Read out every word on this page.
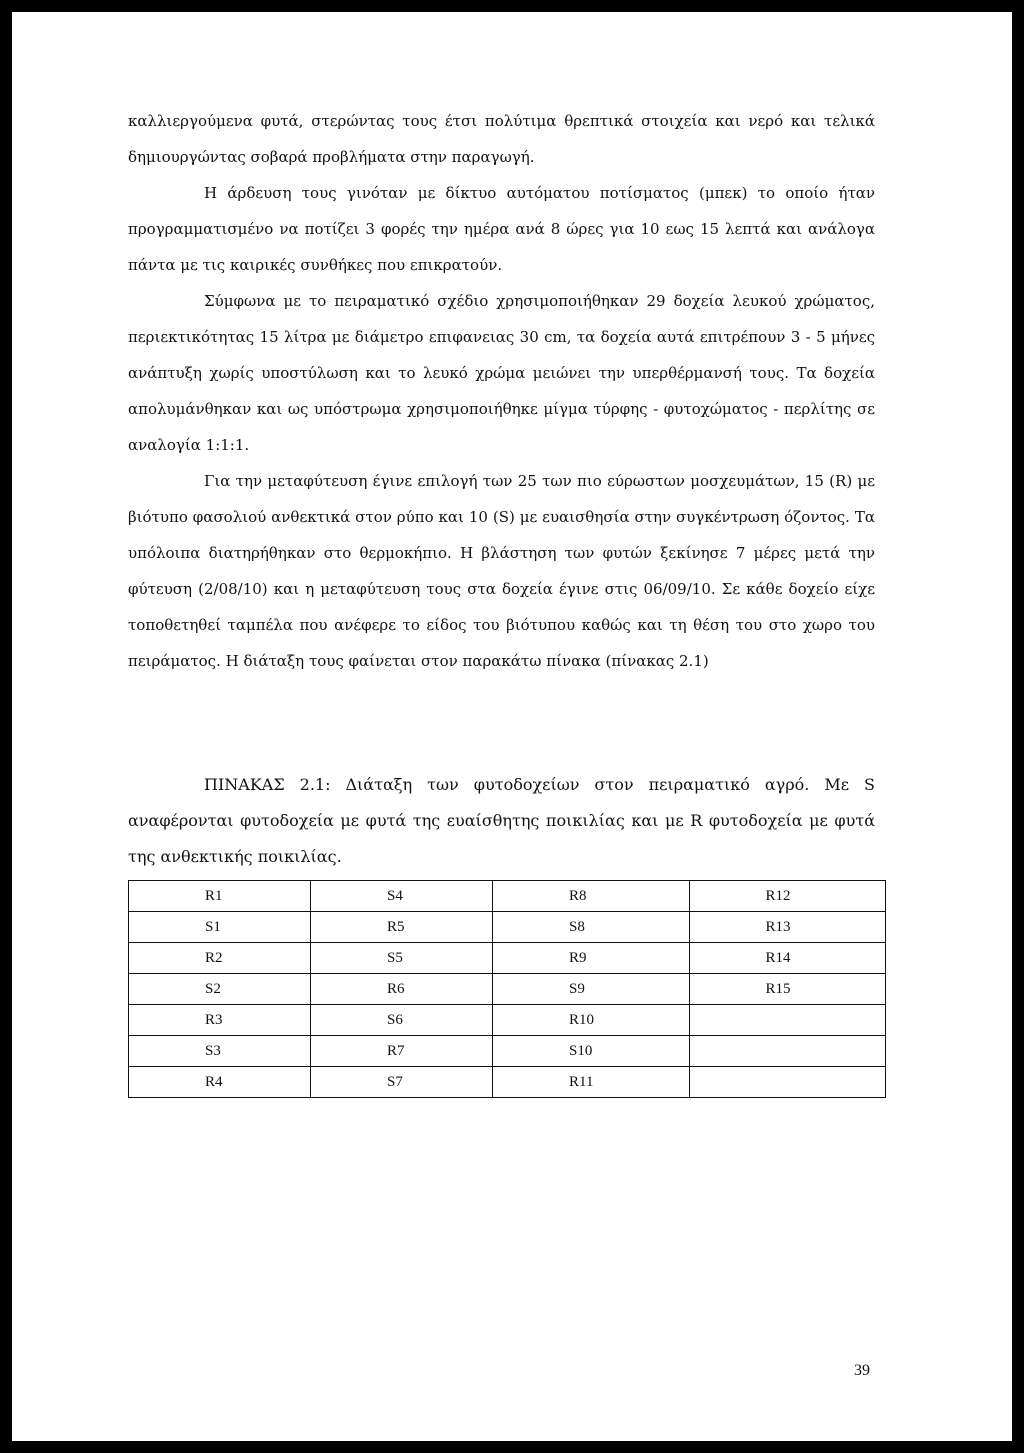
καλλιεργούμενα φυτά, στερώντας τους έτσι πολύτιμα θρεπτικά στοιχεία και νερό και τελικά δημιουργώντας σοβαρά προβλήματα στην παραγωγή.

Η άρδευση τους γινόταν με δίκτυο αυτόματου ποτίσματος (μπεκ) το οποίο ήταν προγραμματισμένο να ποτίζει 3 φορές την ημέρα ανά 8 ώρες για 10 εως 15 λεπτά και ανάλογα πάντα με τις καιρικές συνθήκες που επικρατούν.

Σύμφωνα με το πειραματικό σχέδιο χρησιμοποιήθηκαν 29 δοχεία λευκού χρώματος, περιεκτικότητας 15 λίτρα με διάμετρο επιφανειας 30 cm, τα δοχεία αυτά επιτρέπουν 3 - 5 μήνες ανάπτυξη χωρίς υποστύλωση και το λευκό χρώμα μειώνει την υπερθέρμανσή τους. Τα δοχεία απολυμάνθηκαν και ως υπόστρωμα χρησιμοποιήθηκε μίγμα τύρφης - φυτοχώματος - περλίτης σε αναλογία 1:1:1.

Για την μεταφύτευση έγινε επιλογή των 25 των πιο εύρωστων μοσχευμάτων, 15 (R) με βιότυπο φασολιού ανθεκτικά στον ρύπο και 10 (S) με ευαισθησία στην συγκέντρωση όζοντος. Τα υπόλοιπα διατηρήθηκαν στο θερμοκήπιο. Η βλάστηση των φυτών ξεκίνησε 7 μέρες μετά την φύτευση (2/08/10) και η μεταφύτευση τους στα δοχεία έγινε στις 06/09/10. Σε κάθε δοχείο είχε τοποθετηθεί ταμπέλα που ανέφερε το είδος του βιότυπου καθώς και τη θέση του στο χωρο του πειράματος. Η διάταξη τους φαίνεται στον παρακάτω πίνακα (πίνακας 2.1)

ΠΙΝΑΚΑΣ 2.1: Διάταξη των φυτοδοχείων στον πειραματικό αγρό. Με S αναφέρονται φυτοδοχεία με φυτά της ευαίσθητης ποικιλίας και με R φυτοδοχεία με φυτά της ανθεκτικής ποικιλίας.

R1	S4	R8	R12
S1	R5	S8	R13
R2	S5	R9	R14
S2	R6	S9	R15
R3	S6	R10	
S3	R7	S10	
R4	S7	R11	
39
